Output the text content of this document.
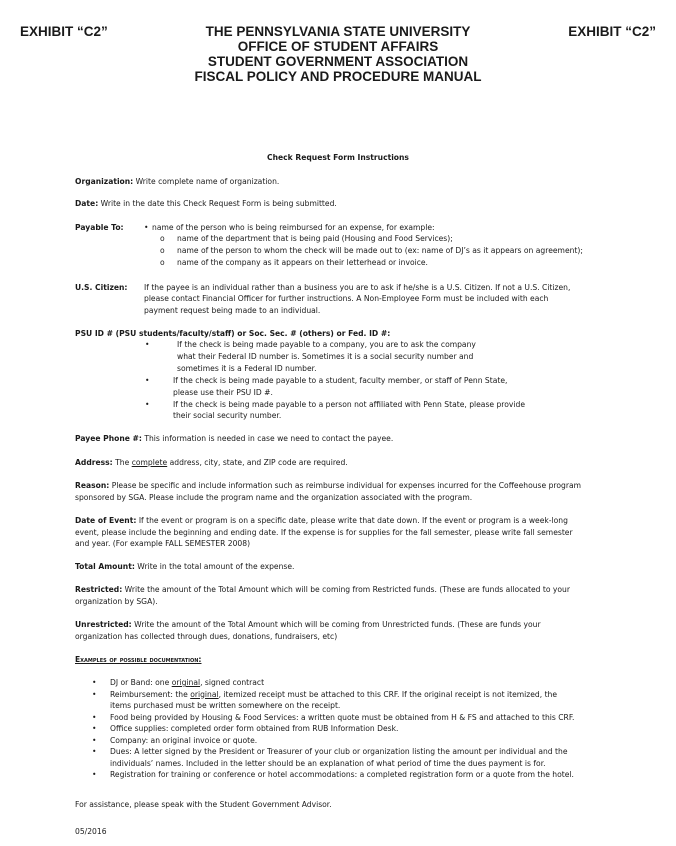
EXHIBIT “C2”	EXHIBIT “C2”
THE PENNSYLVANIA STATE UNIVERSITY
OFFICE OF STUDENT AFFAIRS
STUDENT GOVERNMENT ASSOCIATION
FISCAL POLICY AND PROCEDURE MANUAL
Check Request Form Instructions
Organization: Write complete name of organization.
Date: Write in the date this Check Request Form is being submitted.
Payable To:	• name of the person who is being reimbursed for an expense, for example:
o name of the department that is being paid (Housing and Food Services);
o name of the person to whom the check will be made out to (ex: name of DJ’s as it appears on agreement);
o name of the company as it appears on their letterhead or invoice.
U.S. Citizen: If the payee is an individual rather than a business you are to ask if he/she is a U.S. Citizen. If not a U.S. Citizen,
please contact Financial Officer for further instructions. A Non-Employee Form must be included with each
payment request being made to an individual.
PSU ID # (PSU students/faculty/staff) or Soc. Sec. # (others) or Fed. ID #:
•	If the check is being made payable to a company, you are to ask the company
what their Federal ID number is. Sometimes it is a social security number and
sometimes it is a Federal ID number.
•	If the check is being made payable to a student, faculty member, or staff of Penn State,
please use their PSU ID #.
•	If the check is being made payable to a person not affiliated with Penn State, please provide
their social security number.
Payee Phone #: This information is needed in case we need to contact the payee.
Address: The complete address, city, state, and ZIP code are required.
Reason: Please be specific and include information such as reimburse individual for expenses incurred for the Coffeehouse program
sponsored by SGA. Please include the program name and the organization associated with the program.
Date of Event: If the event or program is on a specific date, please write that date down. If the event or program is a week-long
event, please include the beginning and ending date. If the expense is for supplies for the fall semester, please write fall semester
and year. (For example FALL SEMESTER 2008)
Total Amount: Write in the total amount of the expense.
Restricted: Write the amount of the Total Amount which will be coming from Restricted funds. (These are funds allocated to your
organization by SGA).
Unrestricted: Write the amount of the Total Amount which will be coming from Unrestricted funds. (These are funds your
organization has collected through dues, donations, fundraisers, etc)
Examples of possible documentation:
• DJ or Band: one original, signed contract
• Reimbursement: the original, itemized receipt must be attached to this CRF. If the original receipt is not itemized, the
items purchased must be written somewhere on the receipt.
• Food being provided by Housing & Food Services: a written quote must be obtained from H & FS and attached to this CRF.
• Office supplies: completed order form obtained from RUB Information Desk.
• Company: an original invoice or quote.
• Dues: A letter signed by the President or Treasurer of your club or organization listing the amount per individual and the
individuals’ names. Included in the letter should be an explanation of what period of time the dues payment is for.
• Registration for training or conference or hotel accommodations: a completed registration form or a quote from the hotel.
For assistance, please speak with the Student Government Advisor.
05/2016
